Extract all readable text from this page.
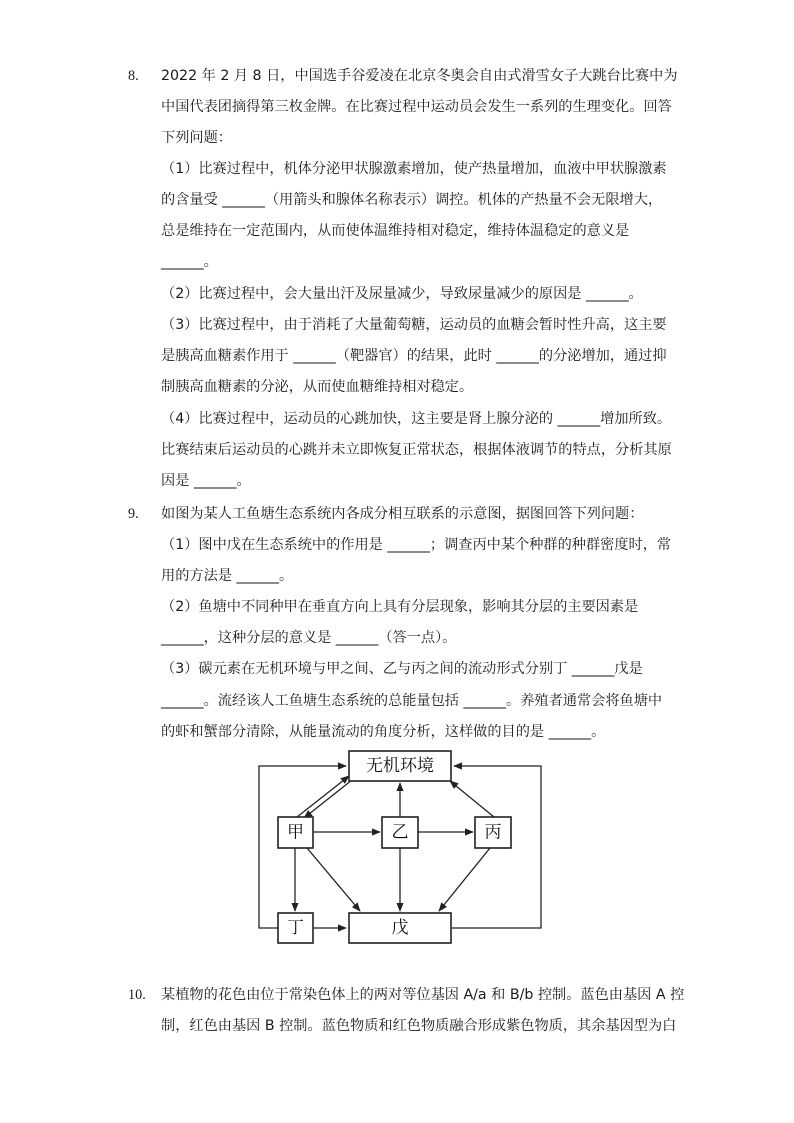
8. 2022 年 2 月 8 日，中国选手谷爱凌在北京冬奥会自由式滑雪女子大跳台比赛中为
中国代表团摘得第三枚金牌。在比赛过程中运动员会发生一系列的生理变化。回答
下列问题：
（1）比赛过程中，机体分泌甲状腺激素增加，使产热量增加，血液中甲状腺激素
的含量受 ______（用箭头和腺体名称表示）调控。机体的产热量不会无限增大，
总是维持在一定范围内，从而使体温维持相对稳定，维持体温稳定的意义是
______。
（2）比赛过程中，会大量出汗及尿量减少，导致尿量减少的原因是 ______。
（3）比赛过程中，由于消耗了大量葡萄糖，运动员的血糖会暂时性升高，这主要
是胰高血糖素作用于 ______（靶器官）的结果，此时 ______的分泌增加，通过抑
制胰高血糖素的分泌，从而使血糖维持相对稳定。
（4）比赛过程中，运动员的心跳加快，这主要是肾上腺分泌的 ______增加所致。
比赛结束后运动员的心跳并未立即恢复正常状态，根据体液调节的特点，分析其原
因是 ______。
9. 如图为某人工鱼塘生态系统内各成分相互联系的示意图，据图回答下列问题：
（1）图中戊在生态系统中的作用是 ______；调查丙中某个种群的种群密度时，常
用的方法是 ______。
（2）鱼塘中不同种甲在垂直方向上具有分层现象，影响其分层的主要因素是
______，这种分层的意义是 ______（答一点）。
（3）碳元素在无机环境与甲之间、乙与丙之间的流动形式分别丁 ______戊是
______。流经该人工鱼塘生态系统的总能量包括 ______。养殖者通常会将鱼塘中
的虾和蟹部分清除，从能量流动的角度分析，这样做的目的是 ______。
无机环境
甲	乙	丙
丁	戊
10. 某植物的花色由位于常染色体上的两对等位基因 A/a 和 B/b 控制。蓝色由基因 A 控
制，红色由基因 B 控制。蓝色物质和红色物质融合形成紫色物质，其余基因型为白
